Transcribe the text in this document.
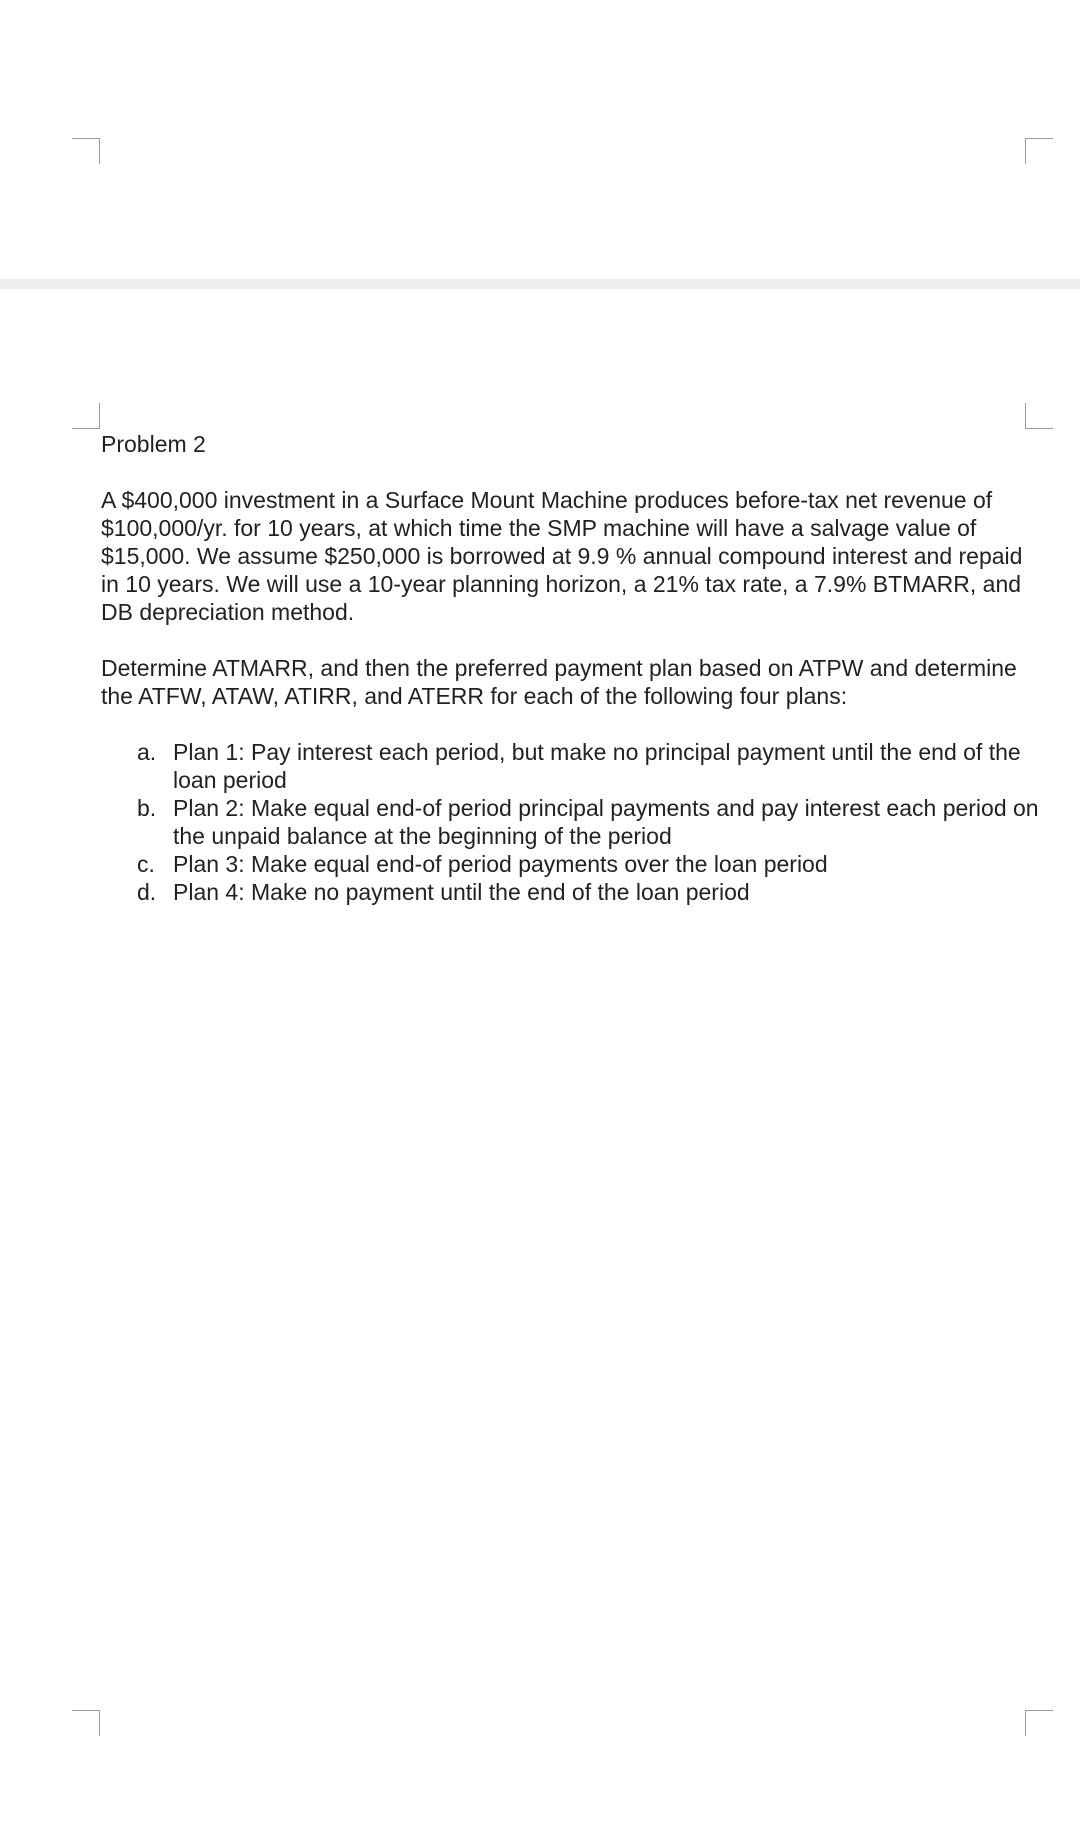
Problem 2

A $400,000 investment in a Surface Mount Machine produces before-tax net revenue of $100,000/yr. for 10 years, at which time the SMP machine will have a salvage value of $15,000. We assume $250,000 is borrowed at 9.9 % annual compound interest and repaid in 10 years. We will use a 10-year planning horizon, a 21% tax rate, a 7.9% BTMARR, and DB depreciation method.

Determine ATMARR, and then the preferred payment plan based on ATPW and determine the ATFW, ATAW, ATIRR, and ATERR for each of the following four plans:

a. Plan 1: Pay interest each period, but make no principal payment until the end of the loan period
b. Plan 2: Make equal end-of period principal payments and pay interest each period on the unpaid balance at the beginning of the period
c. Plan 3: Make equal end-of period payments over the loan period
d. Plan 4: Make no payment until the end of the loan period
